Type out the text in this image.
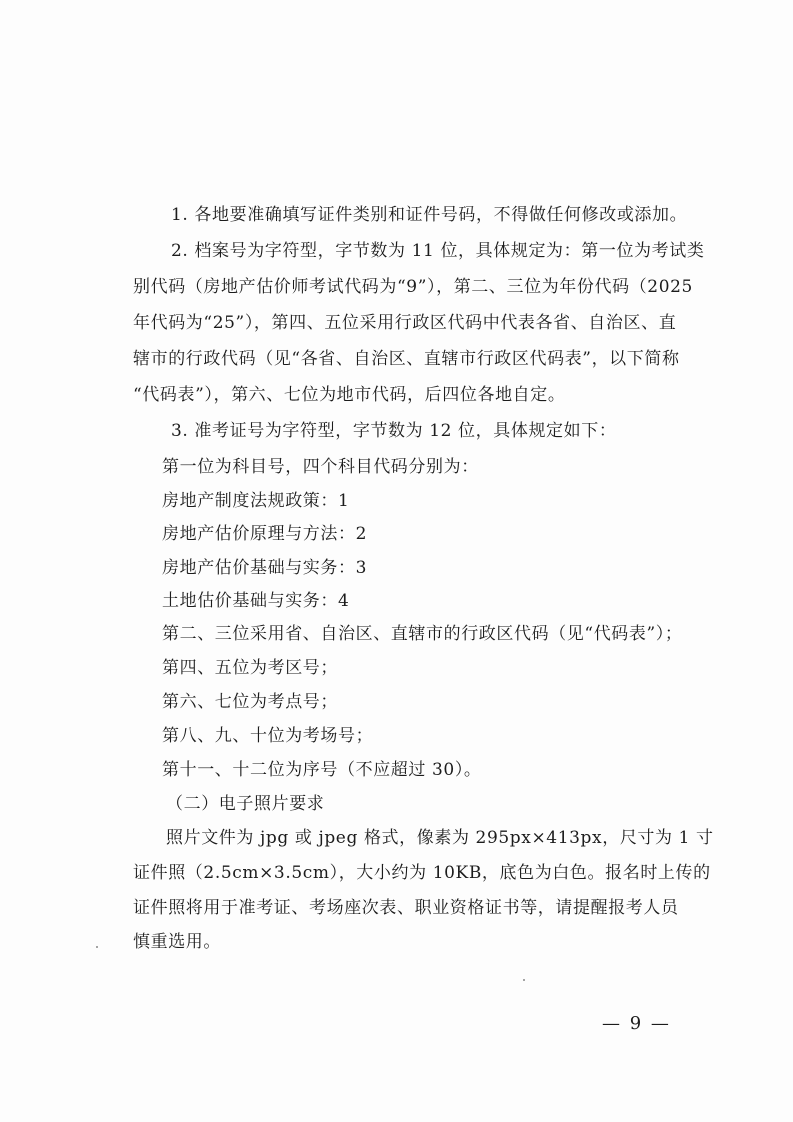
1. 各地要准确填写证件类别和证件号码，不得做任何修改或添加。
2. 档案号为字符型，字节数为 11 位，具体规定为：第一位为考试类
别代码（房地产估价师考试代码为“9”），第二、三位为年份代码（2025
年代码为“25”），第四、五位采用行政区代码中代表各省、自治区、直
辖市的行政代码（见“各省、自治区、直辖市行政区代码表”，以下简称
“代码表”），第六、七位为地市代码，后四位各地自定。
3. 准考证号为字符型，字节数为 12 位，具体规定如下：
第一位为科目号，四个科目代码分别为：
房地产制度法规政策：1
房地产估价原理与方法：2
房地产估价基础与实务：3
土地估价基础与实务：4
第二、三位采用省、自治区、直辖市的行政区代码（见“代码表”）；
第四、五位为考区号；
第六、七位为考点号；
第八、九、十位为考场号；
第十一、十二位为序号（不应超过 30）。
（二）电子照片要求
照片文件为 jpg 或 jpeg 格式，像素为 295px×413px，尺寸为 1 寸
证件照（2.5cm×3.5cm），大小约为 10KB，底色为白色。报名时上传的
证件照将用于准考证、考场座次表、职业资格证书等，请提醒报考人员
慎重选用。
— 9 —
